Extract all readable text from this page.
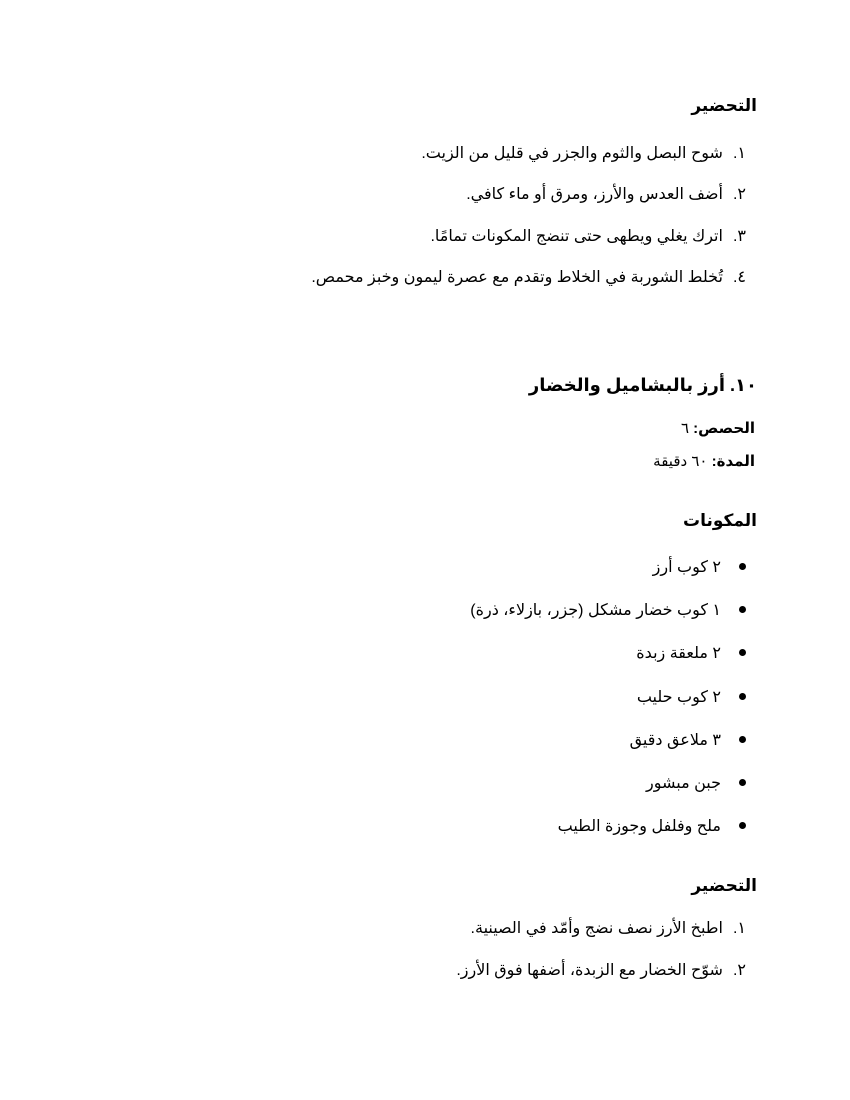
التحضير
١.شوح البصل والثوم والجزر في قليل من الزيت.
٢.أضف العدس والأرز، ومرق أو ماء كافي.
٣.اترك يغلي ويطهى حتى تنضج المكونات تمامًا.
٤.تُخلط الشوربة في الخلاط وتقدم مع عصرة ليمون وخبز محمص.
١٠. أرز بالبشاميل والخضار
الحصص: ٦
المدة: ٦٠ دقيقة
المكونات
٢ كوب أرز
١ كوب خضار مشكل (جزر، بازلاء، ذرة)
٢ ملعقة زبدة
٢ كوب حليب
٣ ملاعق دقيق
جبن مبشور
ملح وفلفل وجوزة الطيب
التحضير
١.اطبخ الأرز نصف نضج وأمّد في الصينية.
٢.شوّح الخضار مع الزبدة، أضفها فوق الأرز.
